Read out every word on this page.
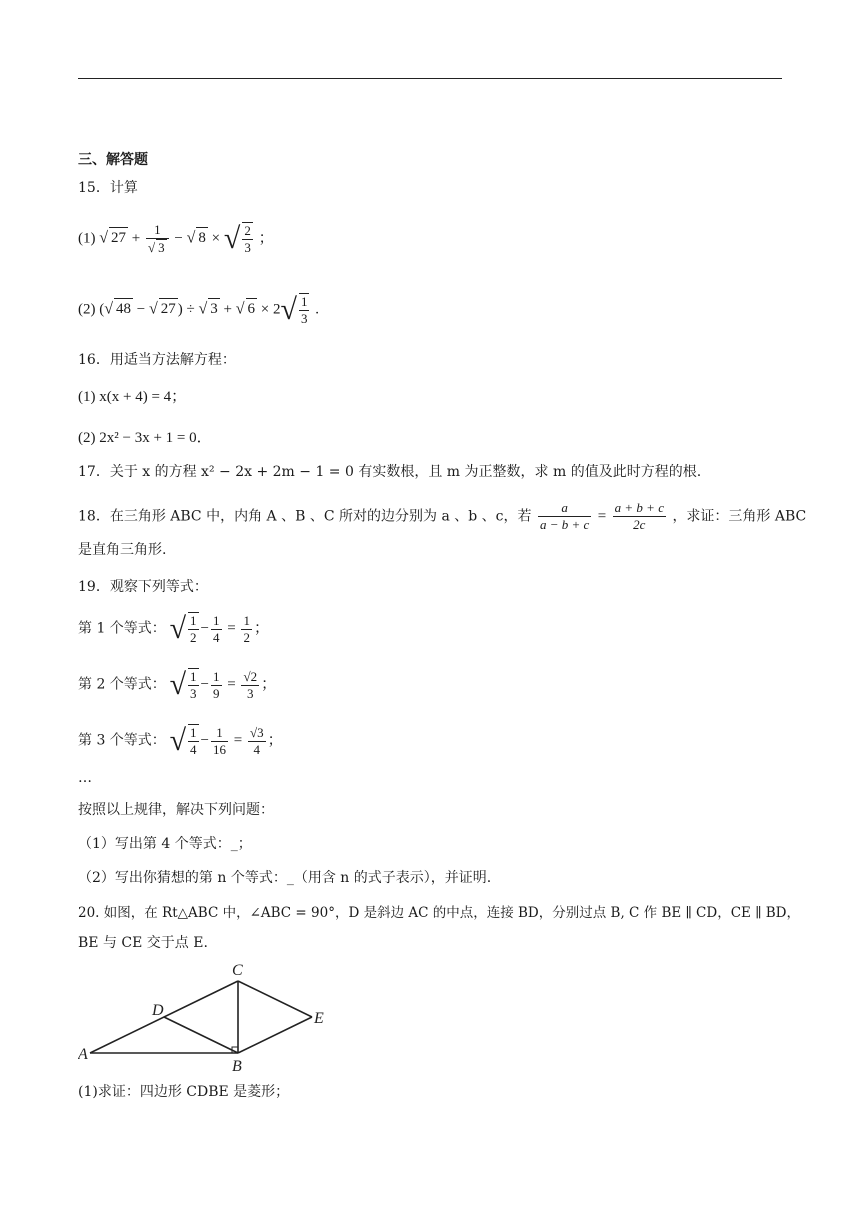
三、解答题
15．计算
(1) √ $27 + \frac{1}{√ 3}$ − √ 8 × √ $\frac{2}{3}$ ；
(2) (√ 48 − √ 27 ) ÷ √ 3 + √ $6 \times 2√ \frac{1}{3}$ .
16．用适当方法解方程：
(1) x(x + 4) = 4；
(2) 2x² − 3x + 1 = 0．
17．关于 x 的方程 x² − 2x + 2m − 1 = 0 有实数根，且 m 为正整数，求 m 的值及此时方程的根.
18．在三角形 ABC 中，内角 A 、B 、C 所对的边分别为 a 、b 、c，若 $\frac{a}{a - b + c} = \frac{a + b + c}{2c}$ ，求证：三角形 ABC
是直角三角形.
19．观察下列等式：
第 1 个等式： √ $\frac{1}{2} - \frac{1}{4} = \frac{1}{2}$ ；
第 2 个等式： √ $\frac{1}{3} - \frac{1}{9} = \frac{√2}{3}$ ；
第 3 个等式： √ $\frac{1}{4} - \frac{1}{16} = \frac{√3}{4}$ ；
…
按照以上规律，解决下列问题：
（1）写出第 4 个等式：_；
（2）写出你猜想的第 n 个等式：_（用含 n 的式子表示），并证明.
20. 如图，在 Rt△ABC 中，∠ABC = 90°，D 是斜边 AC 的中点，连接 BD，分别过点 B, C 作 BE ∥ CD，CE ∥ BD，
BE 与 CE 交于点 E.
A
B
C
D	E
(1)求证：四边形 CDBE 是菱形；
